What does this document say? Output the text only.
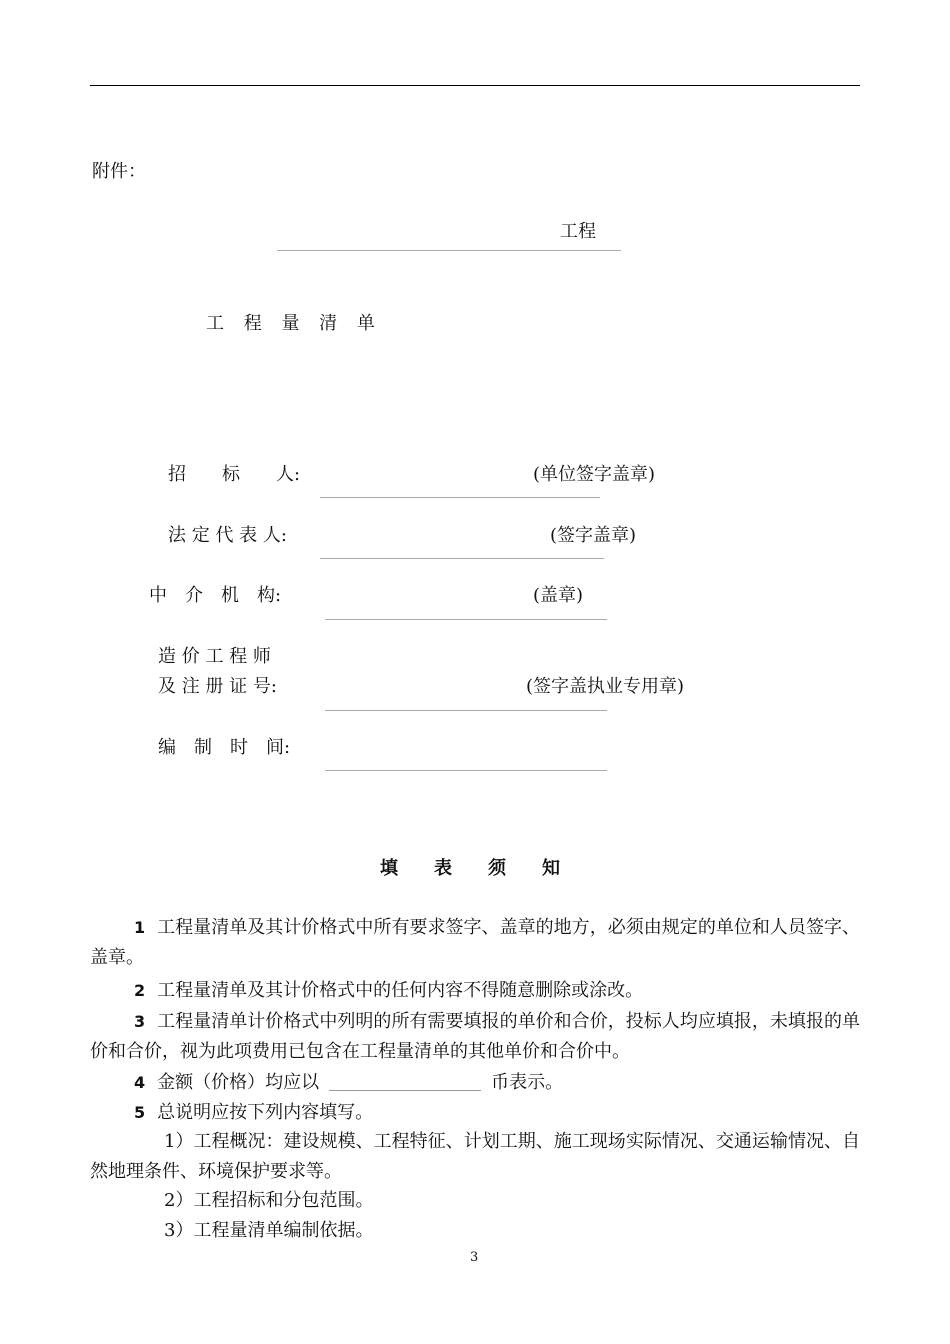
附件：
工程
工 程 量 清 单
招　　标　　人:	(单位签字盖章)
法 定 代 表 人:	(签字盖章)
中　介　机　构:	(盖章)
造 价 工 程 师
及 注 册 证 号:	(签字盖执业专用章)
编　制　时　间:
填　　表　　须　　知
1 工程量清单及其计价格式中所有要求签字、盖章的地方，必须由规定的单位和人员签字、盖章。
2 工程量清单及其计价格式中的任何内容不得随意删除或涂改。
3 工程量清单计价格式中列明的所有需要填报的单价和合价，投标人均应填报，未填报的单价和合价，视为此项费用已包含在工程量清单的其他单价和合价中。
4 金额（价格）均应以	币表示。
5 总说明应按下列内容填写。
1）工程概况：建设规模、工程特征、计划工期、施工现场实际情况、交通运输情况、自然地理条件、环境保护要求等。
2）工程招标和分包范围。
3）工程量清单编制依据。
3
